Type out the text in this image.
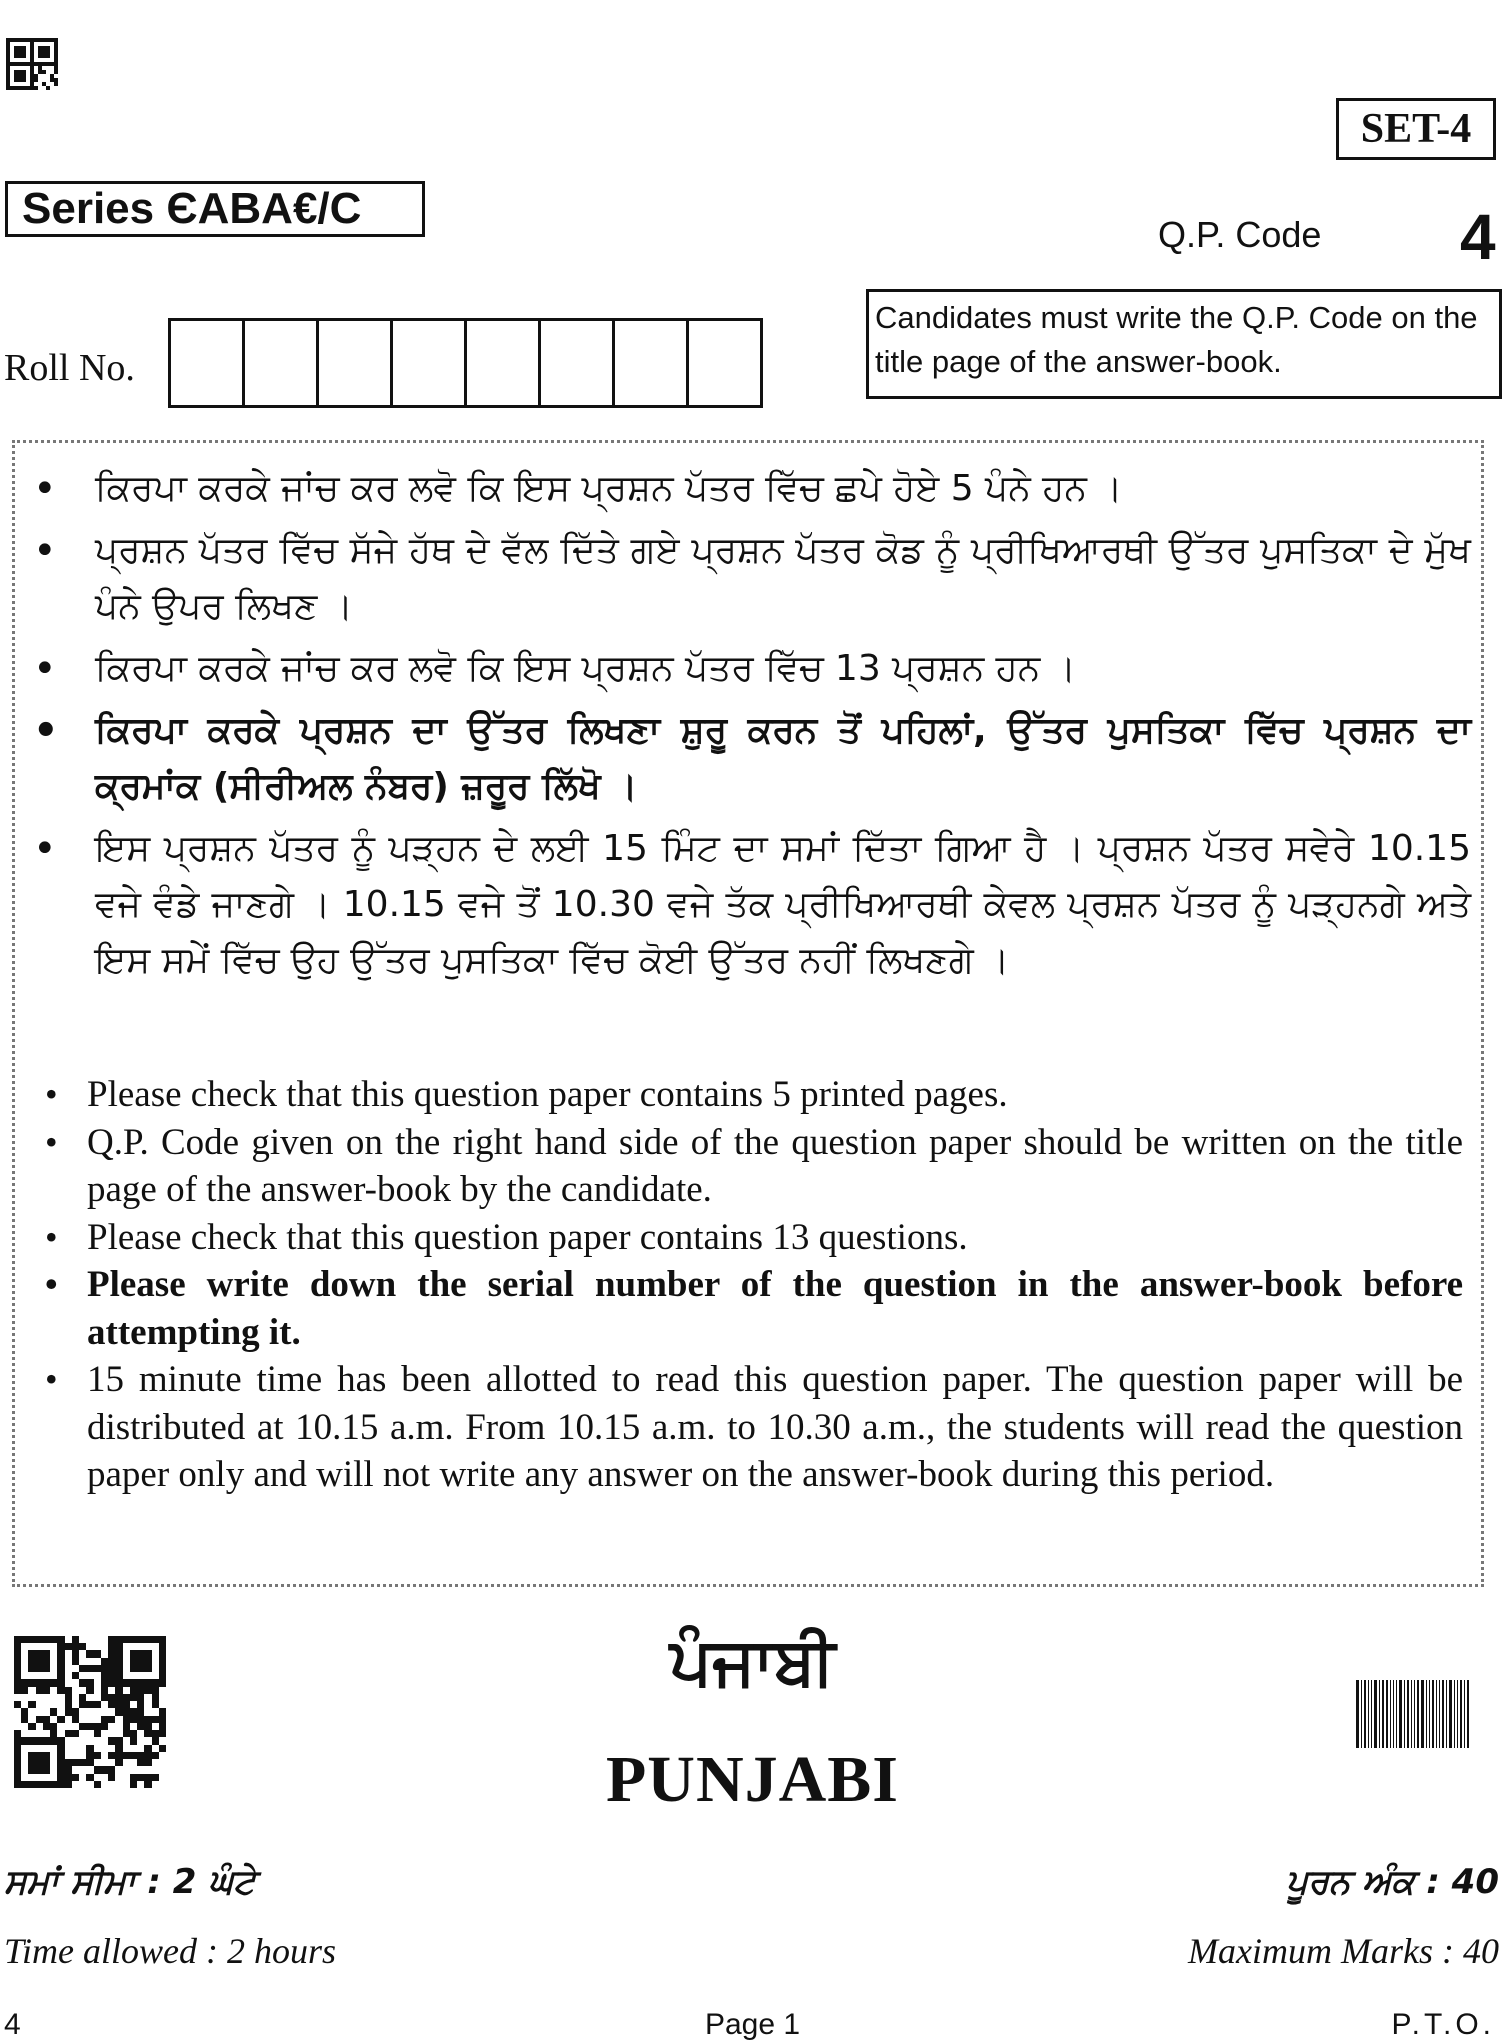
SET-4
Series ЄABA€/C
Q.P. Code 4
Candidates must write the Q.P. Code on the title page of the answer-book.
Roll No.
• ਕਿਰਪਾ ਕਰਕੇ ਜਾਂਚ ਕਰ ਲਵੋ ਕਿ ਇਸ ਪ੍ਰਸ਼ਨ ਪੱਤਰ ਵਿੱਚ ਛਪੇ ਹੋਏ 5 ਪੰਨੇ ਹਨ ।
• ਪ੍ਰਸ਼ਨ ਪੱਤਰ ਵਿੱਚ ਸੱਜੇ ਹੱਥ ਦੇ ਵੱਲ ਦਿੱਤੇ ਗਏ ਪ੍ਰਸ਼ਨ ਪੱਤਰ ਕੋਡ ਨੂੰ ਪ੍ਰੀਖਿਆਰਥੀ ਉੱਤਰ ਪੁਸਤਿਕਾ ਦੇ ਮੁੱਖ ਪੰਨੇ ਉਪਰ ਲਿਖਣ ।
• ਕਿਰਪਾ ਕਰਕੇ ਜਾਂਚ ਕਰ ਲਵੋ ਕਿ ਇਸ ਪ੍ਰਸ਼ਨ ਪੱਤਰ ਵਿੱਚ 13 ਪ੍ਰਸ਼ਨ ਹਨ ।
• ਕਿਰਪਾ ਕਰਕੇ ਪ੍ਰਸ਼ਨ ਦਾ ਉੱਤਰ ਲਿਖਣਾ ਸ਼ੁਰੂ ਕਰਨ ਤੋਂ ਪਹਿਲਾਂ, ਉੱਤਰ ਪੁਸਤਿਕਾ ਵਿੱਚ ਪ੍ਰਸ਼ਨ ਦਾ ਕ੍ਰਮਾਂਕ (ਸੀਰੀਅਲ ਨੰਬਰ) ਜ਼ਰੂਰ ਲਿੱਖੋ ।
• ਇਸ ਪ੍ਰਸ਼ਨ ਪੱਤਰ ਨੂੰ ਪੜ੍ਹਨ ਦੇ ਲਈ 15 ਮਿੰਟ ਦਾ ਸਮਾਂ ਦਿੱਤਾ ਗਿਆ ਹੈ । ਪ੍ਰਸ਼ਨ ਪੱਤਰ ਸਵੇਰੇ 10.15 ਵਜੇ ਵੰਡੇ ਜਾਣਗੇ । 10.15 ਵਜੇ ਤੋਂ 10.30 ਵਜੇ ਤੱਕ ਪ੍ਰੀਖਿਆਰਥੀ ਕੇਵਲ ਪ੍ਰਸ਼ਨ ਪੱਤਰ ਨੂੰ ਪੜ੍ਹਨਗੇ ਅਤੇ ਇਸ ਸਮੇਂ ਵਿੱਚ ਉਹ ਉੱਤਰ ਪੁਸਤਿਕਾ ਵਿੱਚ ਕੋਈ ਉੱਤਰ ਨਹੀਂ ਲਿਖਣਗੇ ।
• Please check that this question paper contains 5 printed pages.
• Q.P. Code given on the right hand side of the question paper should be written on the title page of the answer-book by the candidate.
• Please check that this question paper contains 13 questions.
• Please write down the serial number of the question in the answer-book before attempting it.
• 15 minute time has been allotted to read this question paper. The question paper will be distributed at 10.15 a.m. From 10.15 a.m. to 10.30 a.m., the students will read the question paper only and will not write any answer on the answer-book during this period.
ਪੰਜਾਬੀ
PUNJABI
ਸਮਾਂ ਸੀਮਾ : 2 ਘੰਟੇ
Time allowed : 2 hours
ਪੂਰਨ ਅੰਕ : 40
Maximum Marks : 40
4	Page 1	P.T.O.
